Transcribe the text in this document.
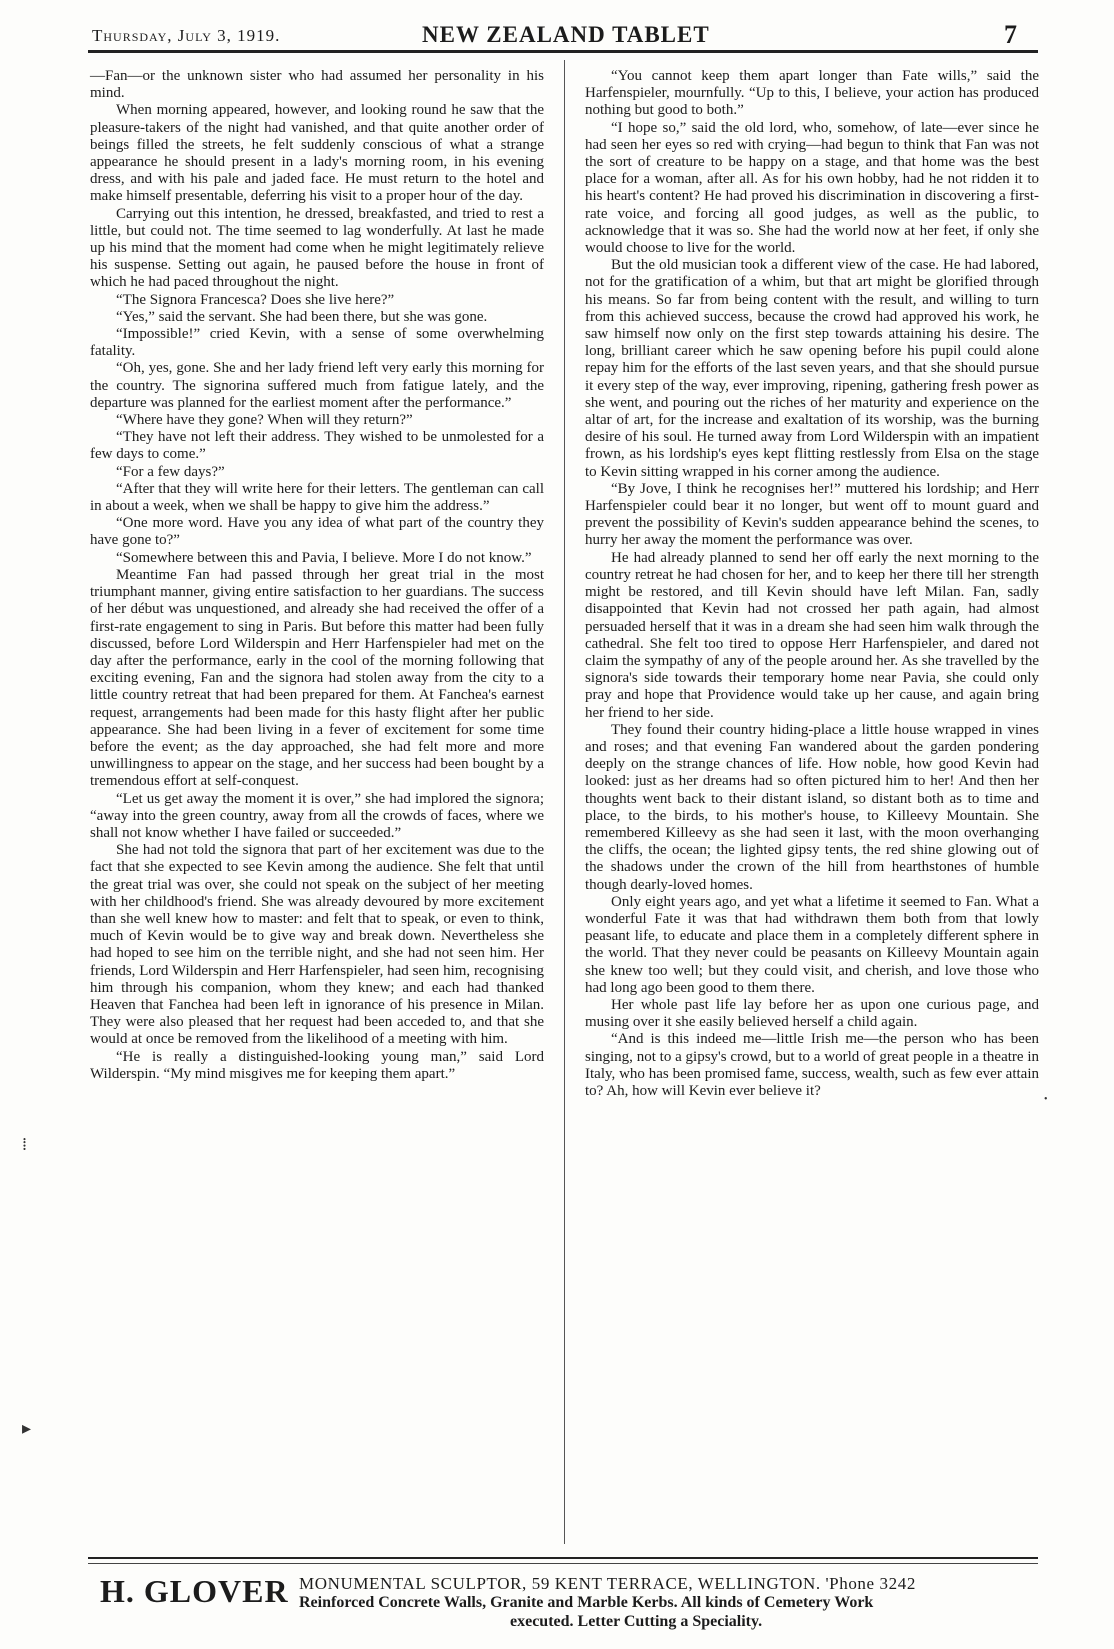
Thursday, July 3, 1919.	NEW ZEALAND TABLET	7

—Fan—or the unknown sister who had assumed her personality in his mind.

When morning appeared, however, and looking round he saw that the pleasure-takers of the night had vanished, and that quite another order of beings filled the streets, he felt suddenly conscious of what a strange appearance he should present in a lady's morning room, in his evening dress, and with his pale and jaded face. He must return to the hotel and make himself presentable, deferring his visit to a proper hour of the day.

Carrying out this intention, he dressed, breakfasted, and tried to rest a little, but could not. The time seemed to lag wonderfully. At last he made up his mind that the moment had come when he might legitimately relieve his suspense. Setting out again, he paused before the house in front of which he had paced throughout the night.

“The Signora Francesca? Does she live here?”

“Yes,” said the servant. She had been there, but she was gone.

“Impossible!” cried Kevin, with a sense of some overwhelming fatality.

“Oh, yes, gone. She and her lady friend left very early this morning for the country. The signorina suffered much from fatigue lately, and the departure was planned for the earliest moment after the performance.”

“Where have they gone? When will they return?”

“They have not left their address. They wished to be unmolested for a few days to come.”

“For a few days?”

“After that they will write here for their letters. The gentleman can call in about a week, when we shall be happy to give him the address.”

“One more word. Have you any idea of what part of the country they have gone to?”

“Somewhere between this and Pavia, I believe. More I do not know.”

Meantime Fan had passed through her great trial in the most triumphant manner, giving entire satisfaction to her guardians. The success of her début was unquestioned, and already she had received the offer of a first-rate engagement to sing in Paris. But before this matter had been fully discussed, before Lord Wilderspin and Herr Harfenspieler had met on the day after the performance, early in the cool of the morning following that exciting evening, Fan and the signora had stolen away from the city to a little country retreat that had been prepared for them. At Fanchea's earnest request, arrangements had been made for this hasty flight after her public appearance. She had been living in a fever of excitement for some time before the event; as the day approached, she had felt more and more unwillingness to appear on the stage, and her success had been bought by a tremendous effort at self-conquest.

“Let us get away the moment it is over,” she had implored the signora; “away into the green country, away from all the crowds of faces, where we shall not know whether I have failed or succeeded.”

She had not told the signora that part of her excitement was due to the fact that she expected to see Kevin among the audience. She felt that until the great trial was over, she could not speak on the subject of her meeting with her childhood's friend. She was already devoured by more excitement than she well knew how to master: and felt that to speak, or even to think, much of Kevin would be to give way and break down. Nevertheless she had hoped to see him on the terrible night, and she had not seen him. Her friends, Lord Wilderspin and Herr Harfenspieler, had seen him, recognising him through his companion, whom they knew; and each had thanked Heaven that Fanchea had been left in ignorance of his presence in Milan. They were also pleased that her request had been acceded to, and that she would at once be removed from the likelihood of a meeting with him.

“He is really a distinguished-looking young man,” said Lord Wilderspin. “My mind misgives me for keeping them apart.”

“You cannot keep them apart longer than Fate wills,” said the Harfenspieler, mournfully. “Up to this, I believe, your action has produced nothing but good to both.”

“I hope so,” said the old lord, who, somehow, of late—ever since he had seen her eyes so red with crying—had begun to think that Fan was not the sort of creature to be happy on a stage, and that home was the best place for a woman, after all. As for his own hobby, had he not ridden it to his heart's content? He had proved his discrimination in discovering a first-rate voice, and forcing all good judges, as well as the public, to acknowledge that it was so. She had the world now at her feet, if only she would choose to live for the world.

But the old musician took a different view of the case. He had labored, not for the gratification of a whim, but that art might be glorified through his means. So far from being content with the result, and willing to turn from this achieved success, because the crowd had approved his work, he saw himself now only on the first step towards attaining his desire. The long, brilliant career which he saw opening before his pupil could alone repay him for the efforts of the last seven years, and that she should pursue it every step of the way, ever improving, ripening, gathering fresh power as she went, and pouring out the riches of her maturity and experience on the altar of art, for the increase and exaltation of its worship, was the burning desire of his soul. He turned away from Lord Wilderspin with an impatient frown, as his lordship's eyes kept flitting restlessly from Elsa on the stage to Kevin sitting wrapped in his corner among the audience.

“By Jove, I think he recognises her!” muttered his lordship; and Herr Harfenspieler could bear it no longer, but went off to mount guard and prevent the possibility of Kevin's sudden appearance behind the scenes, to hurry her away the moment the performance was over.

He had already planned to send her off early the next morning to the country retreat he had chosen for her, and to keep her there till her strength might be restored, and till Kevin should have left Milan. Fan, sadly disappointed that Kevin had not crossed her path again, had almost persuaded herself that it was in a dream she had seen him walk through the cathedral. She felt too tired to oppose Herr Harfenspieler, and dared not claim the sympathy of any of the people around her. As she travelled by the signora's side towards their temporary home near Pavia, she could only pray and hope that Providence would take up her cause, and again bring her friend to her side.

They found their country hiding-place a little house wrapped in vines and roses; and that evening Fan wandered about the garden pondering deeply on the strange chances of life. How noble, how good Kevin had looked: just as her dreams had so often pictured him to her! And then her thoughts went back to their distant island, so distant both as to time and place, to the birds, to his mother's house, to Killeevy Mountain. She remembered Killeevy as she had seen it last, with the moon overhanging the cliffs, the ocean; the lighted gipsy tents, the red shine glowing out of the shadows under the crown of the hill from hearthstones of humble though dearly-loved homes.

Only eight years ago, and yet what a lifetime it seemed to Fan. What a wonderful Fate it was that had withdrawn them both from that lowly peasant life, to educate and place them in a completely different sphere in the world. That they never could be peasants on Killeevy Mountain again she knew too well; but they could visit, and cherish, and love those who had long ago been good to them there.

Her whole past life lay before her as upon one curious page, and musing over it she easily believed herself a child again.

“And is this indeed me—little Irish me—the person who has been singing, not to a gipsy's crowd, but to a world of great people in a theatre in Italy, who has been promised fame, success, wealth, such as few ever attain to? Ah, how will Kevin ever believe it?

H. GLOVER MONUMENTAL SCULPTOR, 59 KENT TERRACE, WELLINGTON. 'Phone 3242
Reinforced Concrete Walls, Granite and Marble Kerbs. All kinds of Cemetery Work
executed. Letter Cutting a Speciality.
⁞
▸
•
